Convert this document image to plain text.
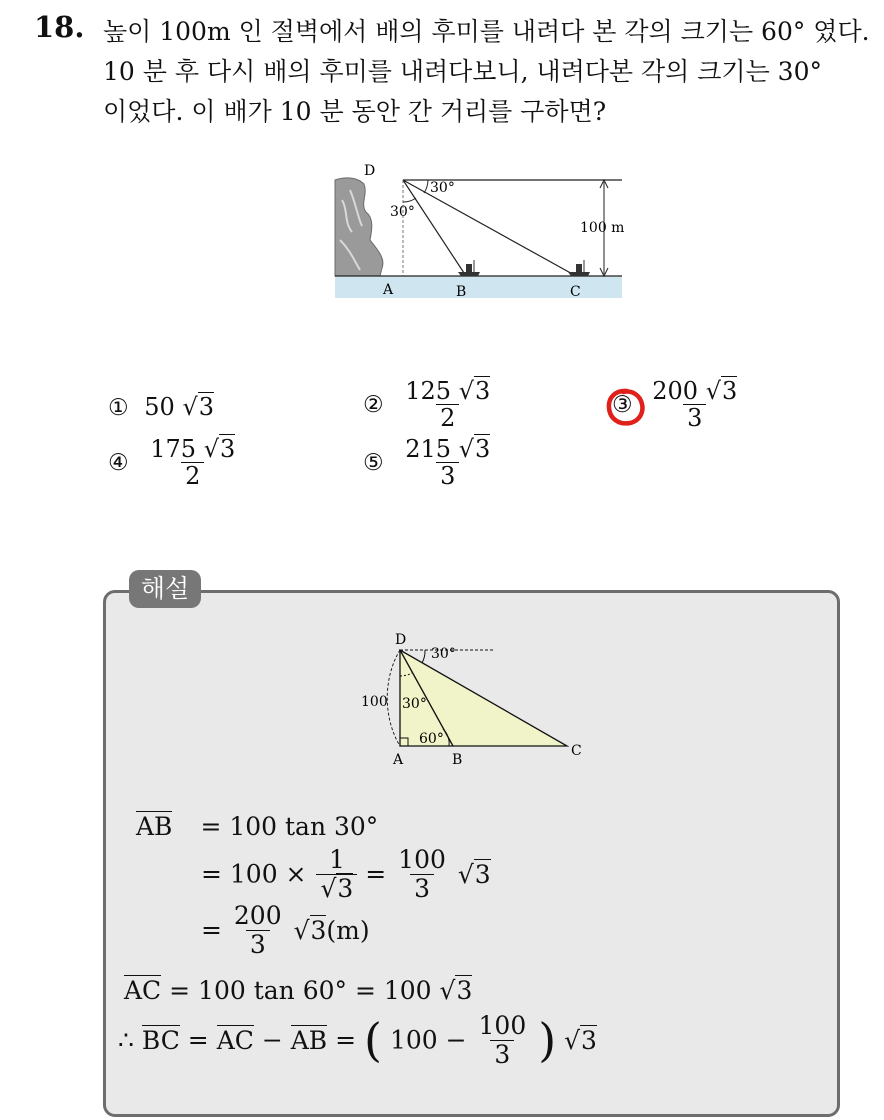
18. 높이 100m 인 절벽에서 배의 후미를 내려다 본 각의 크기는 60° 였다.
10 분 후 다시 배의 후미를 내려다보니, 내려다본 각의 크기는 30°
이었다. 이 배가 10 분 동안 간 거리를 구하면?
D
A	B	C
30°
30°
100 m
① 50 √3	② $\frac{125 √3}{2}$	③ $\frac{200 √3}{3}$
④ $\frac{175 √3}{2}$	⑤ $\frac{215 √3}{3}$
해설
D
A	B
C
30°
30°
60°
100
AB = 100 tan 30°
= $100 \times \frac{1}{√3} = \frac{100}{3} √3$
= $\frac{200}{3} √3(m)$
AC = 100 tan 60° = 100 √3
∴ BC = AC − AB = ( $100 - \frac{100}{3}$ ) √3
